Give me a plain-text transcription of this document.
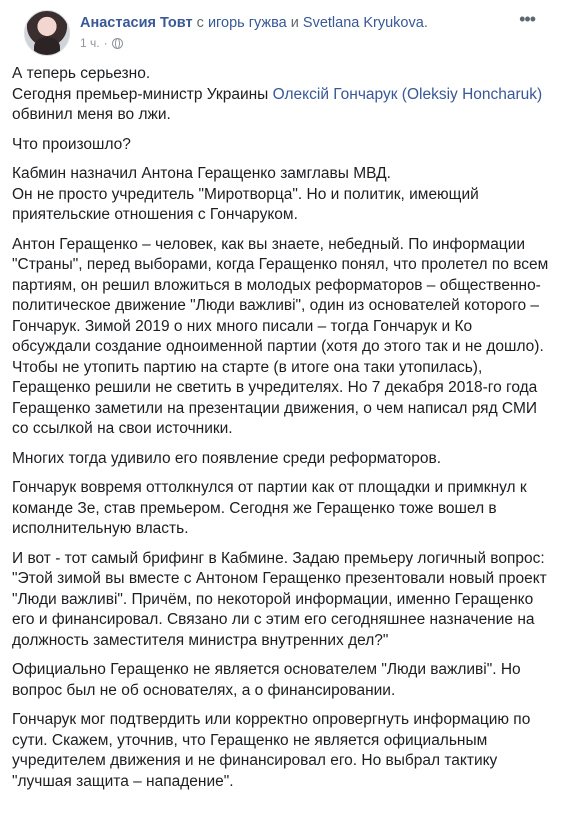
Анастасия Товт с игорь гужва и Svetlana Kryukova.
1 ч. ·
•••

А теперь серьезно.
Сегодня премьер-министр Украины Олексій Гончарук (Oleksiy Honcharuk) обвинил меня во лжи.

Что произошло?

Кабмин назначил Антона Геращенко замглавы МВД.
Он не просто учредитель "Миротворца". Но и политик, имеющий приятельские отношения с Гончаруком.

Антон Геращенко – человек, как вы знаете, небедный. По информации "Страны", перед выборами, когда Геращенко понял, что пролетел по всем партиям, он решил вложиться в молодых реформаторов – общественно-политическое движение "Люди важливі", один из основателей которого – Гончарук. Зимой 2019 о них много писали – тогда Гончарук и Ко обсуждали создание одноименной партии (хотя до этого так и не дошло). Чтобы не утопить партию на старте (в итоге она таки утопилась), Геращенко решили не светить в учредителях. Но 7 декабря 2018-го года Геращенко заметили на презентации движения, о чем написал ряд СМИ со ссылкой на свои источники.

Многих тогда удивило его появление среди реформаторов.

Гончарук вовремя оттолкнулся от партии как от площадки и примкнул к команде Зе, став премьером. Сегодня же Геращенко тоже вошел в исполнительную власть.

И вот - тот самый брифинг в Кабмине. Задаю премьеру логичный вопрос: "Этой зимой вы вместе с Антоном Геращенко презентовали новый проект "Люди важливі". Причём, по некоторой информации, именно Геращенко его и финансировал. Связано ли с этим его сегодняшнее назначение на должность заместителя министра внутренних дел?"

Официально Геращенко не является основателем "Люди важливі". Но вопрос был не об основателях, а о финансировании.

Гончарук мог подтвердить или корректно опровергнуть информацию по сути. Скажем, уточнив, что Геращенко не является официальным учредителем движения и не финансировал его. Но выбрал тактику "лучшая защита – нападение".
